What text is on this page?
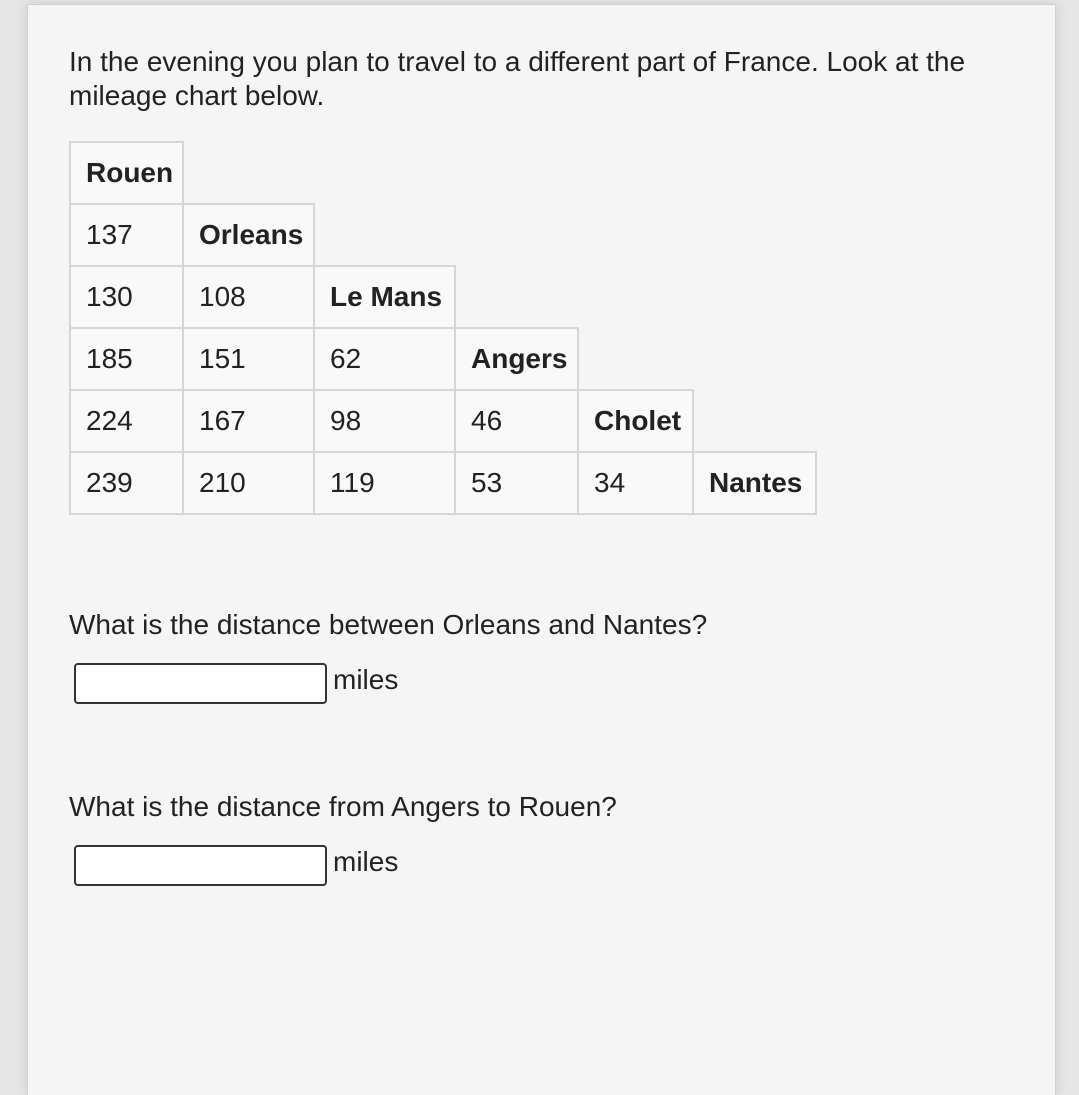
In the evening you plan to travel to a different part of France. Look at the mileage chart below.

Rouen
137	Orleans
130	108	Le Mans
185	151	62	Angers
224	167	98	46	Cholet
239	210	119	53	34	Nantes

What is the distance between Orleans and Nantes?

miles

What is the distance from Angers to Rouen?

miles
